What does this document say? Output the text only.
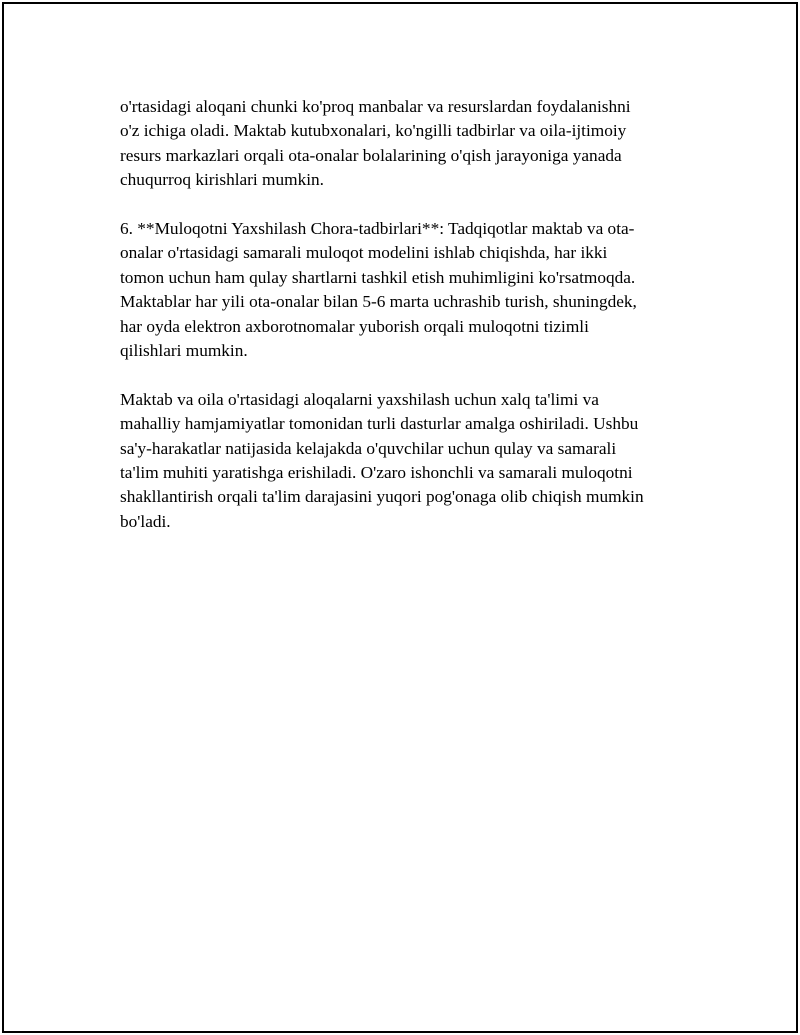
o'rtasidagi aloqani chunki ko'proq manbalar va resurslardan foydalanishni
o'z ichiga oladi. Maktab kutubxonalari, ko'ngilli tadbirlar va oila-ijtimoiy
resurs markazlari orqali ota-onalar bolalarining o'qish jarayoniga yanada
chuqurroq kirishlari mumkin.

6. **Muloqotni Yaxshilash Chora-tadbirlari**: Tadqiqotlar maktab va ota-
onalar o'rtasidagi samarali muloqot modelini ishlab chiqishda, har ikki
tomon uchun ham qulay shartlarni tashkil etish muhimligini ko'rsatmoqda.
Maktablar har yili ota-onalar bilan 5-6 marta uchrashib turish, shuningdek,
har oyda elektron axborotnomalar yuborish orqali muloqotni tizimli
qilishlari mumkin.

Maktab va oila o'rtasidagi aloqalarni yaxshilash uchun xalq ta'limi va
mahalliy hamjamiyatlar tomonidan turli dasturlar amalga oshiriladi. Ushbu
sa'y-harakatlar natijasida kelajakda o'quvchilar uchun qulay va samarali
ta'lim muhiti yaratishga erishiladi. O'zaro ishonchli va samarali muloqotni
shakllantirish orqali ta'lim darajasini yuqori pog'onaga olib chiqish mumkin
bo'ladi.
